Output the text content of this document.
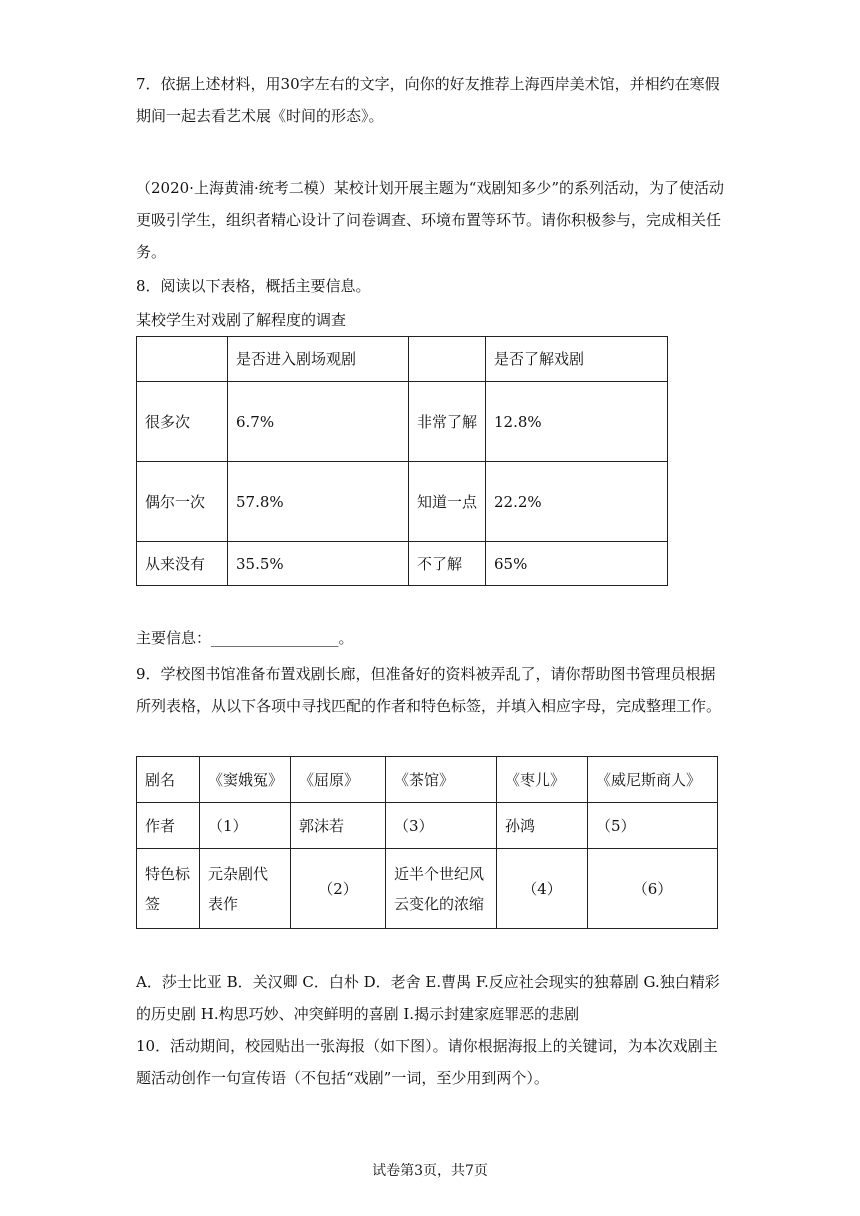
7．依据上述材料，用30字左右的文字，向你的好友推荐上海西岸美术馆，并相约在寒假期间一起去看艺术展《时间的形态》。

（2020·上海黄浦·统考二模）某校计划开展主题为“戏剧知多少”的系列活动，为了使活动更吸引学生，组织者精心设计了问卷调查、环境布置等环节。请你积极参与，完成相关任务。

8．阅读以下表格，概括主要信息。
某校学生对戏剧了解程度的调查
	是否进入剧场观剧		是否了解戏剧
很多次	6.7%	非常了解	12.8%
偶尔一次	57.8%	知道一点	22.2%
从来没有	35.5%	不了解	65%
主要信息：_________________。

9．学校图书馆准备布置戏剧长廊，但准备好的资料被弄乱了，请你帮助图书管理员根据所列表格，从以下各项中寻找匹配的作者和特色标签，并填入相应字母，完成整理工作。

剧名	《窦娥冤》	《屈原》	《茶馆》	《枣儿》	《威尼斯商人》
作者	（1）	郭沫若	（3）	孙鸿	（5）
特色标签	元杂剧代表作	（2）	近半个世纪风云变化的浓缩	（4）	（6）

A．莎士比亚 B．关汉卿 C．白朴 D．老舍 E.曹禺 F.反应社会现实的独幕剧 G.独白精彩的历史剧 H.构思巧妙、冲突鲜明的喜剧 I.揭示封建家庭罪恶的悲剧

10．活动期间，校园贴出一张海报（如下图）。请你根据海报上的关键词，为本次戏剧主题活动创作一句宣传语（不包括“戏剧”一词，至少用到两个）。

试卷第3页，共7页
